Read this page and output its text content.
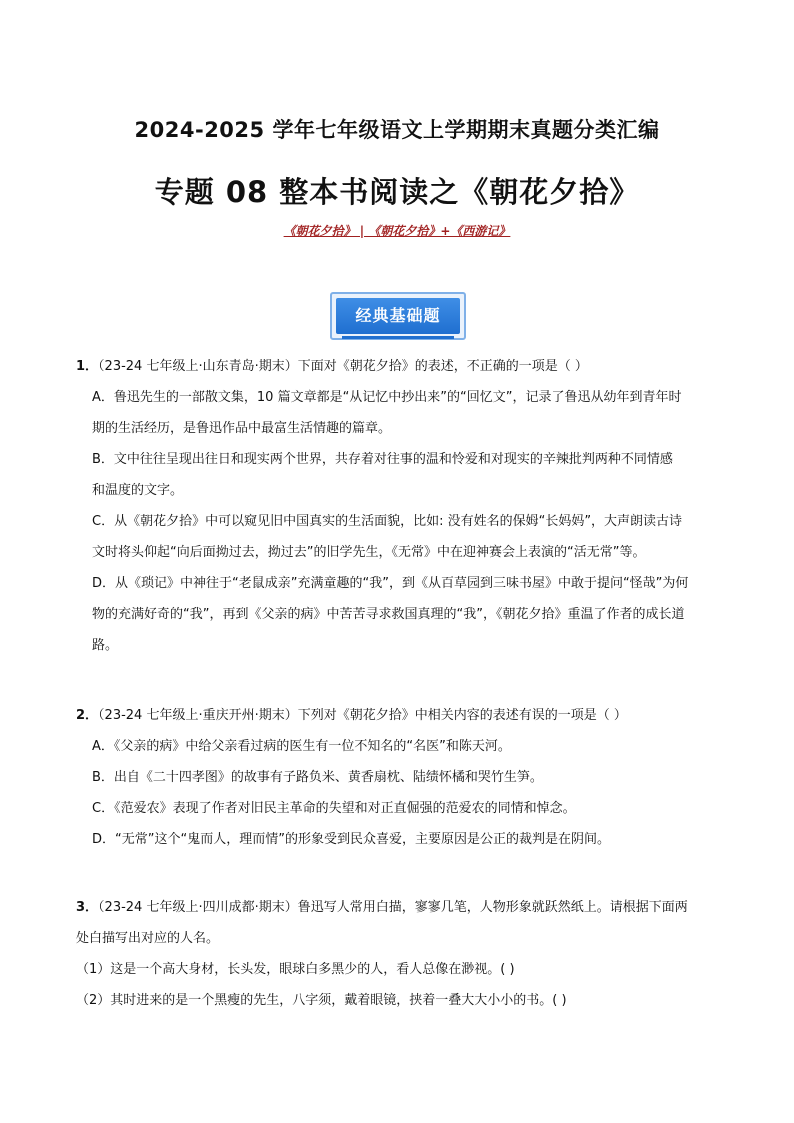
2024-2025 学年七年级语文上学期期末真题分类汇编
专题 08 整本书阅读之《朝花夕拾》
《朝花夕拾》 | 《朝花夕拾》+《西游记》
经典基础题

1．（23-24 七年级上·山东青岛·期末）下面对《朝花夕拾》的表述，不正确的一项是（ ）

A．鲁迅先生的一部散文集，10 篇文章都是“从记忆中抄出来”的“回忆文”，记录了鲁迅从幼年到青年时

期的生活经历，是鲁迅作品中最富生活情趣的篇章。

B．文中往往呈现出往日和现实两个世界，共存着对往事的温和怜爱和对现实的辛辣批判两种不同情感

和温度的文字。

C．从《朝花夕拾》中可以窥见旧中国真实的生活面貌，比如: 没有姓名的保姆“长妈妈”，大声朗读古诗

文时将头仰起“向后面拗过去，拗过去”的旧学先生，《无常》中在迎神赛会上表演的“活无常”等。

D．从《琐记》中神往于“老鼠成亲”充满童趣的“我”，到《从百草园到三味书屋》中敢于提问“怪哉”为何

物的充满好奇的“我”，再到《父亲的病》中苦苦寻求救国真理的“我”，《朝花夕拾》重温了作者的成长道

路。

2．（23-24 七年级上·重庆开州·期末）下列对《朝花夕拾》中相关内容的表述有误的一项是（ ）

A．《父亲的病》中给父亲看过病的医生有一位不知名的“名医”和陈天河。

B．出自《二十四孝图》的故事有子路负米、黄香扇枕、陆绩怀橘和哭竹生笋。

C．《范爱农》表现了作者对旧民主革命的失望和对正直倔强的范爱农的同情和悼念。

D．“无常”这个“鬼而人，理而情”的形象受到民众喜爱，主要原因是公正的裁判是在阴间。

3．（23-24 七年级上·四川成都·期末）鲁迅写人常用白描，寥寥几笔，人物形象就跃然纸上。请根据下面两

处白描写出对应的人名。

（1）这是一个高大身材，长头发，眼球白多黑少的人，看人总像在渺视。( )

（2）其时进来的是一个黑瘦的先生，八字须，戴着眼镜，挟着一叠大大小小的书。( )
